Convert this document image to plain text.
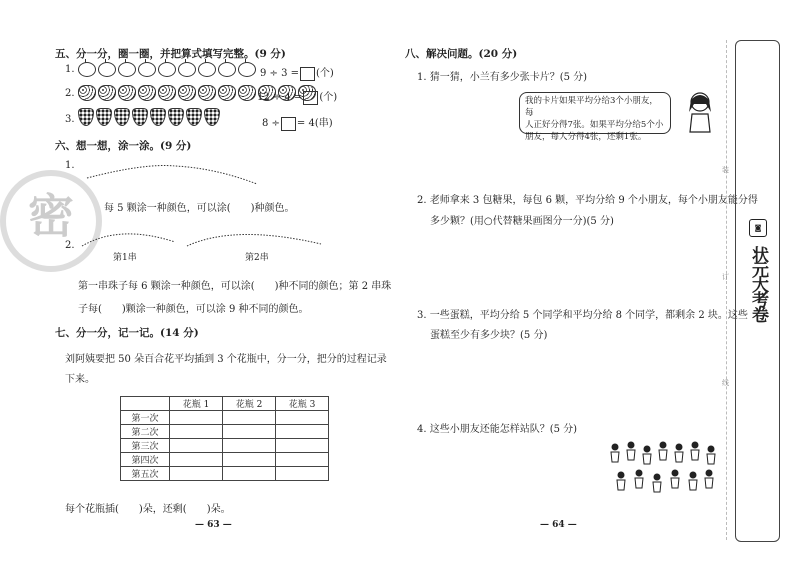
密
五、分一分，圈一圈，并把算式填写完整。(9 分)
1.	9 ÷ 3 = (个)
2.	12 ÷ 4 = (个)
3.	8 ÷ = 4(串)
六、想一想，涂一涂。(9 分)
1.
每 5 颗涂一种颜色，可以涂(　　)种颜色。
2.
第1串	第2串
第一串珠子每 6 颗涂一种颜色，可以涂(　　)种不同的颜色；第 2 串珠
子每(　　)颗涂一种颜色，可以涂 9 种不同的颜色。
七、分一分，记一记。(14 分)
刘阿姨要把 50 朵百合花平均插到 3 个花瓶中，分一分，把分的过程记录
下来。
	花瓶 1	花瓶 2	花瓶 3
第一次			
第二次			
第三次			
第四次			
第五次			
每个花瓶插(　　)朵，还剩(　　)朵。
— 63 —
八、解决问题。(20 分)
1. 猜一猜，小兰有多少张卡片？(5 分)
我的卡片如果平均分给3个小朋友，每
人正好分得7张。如果平均分给5个小
朋友，每人分得4张，还剩1张。
2. 老师拿来 3 包糖果，每包 6 颗，平均分给 9 个小朋友，每个小朋友能分得
多少颗？(用○代替糖果画图分一分)(5 分)
3. 一些蛋糕，平均分给 5 个同学和平均分给 8 个同学，都剩余 2 块。这些
蛋糕至少有多少块？(5 分)
4. 这些小朋友还能怎样站队？(5 分)
— 64 —
装
订
线
◙
状元大考卷
